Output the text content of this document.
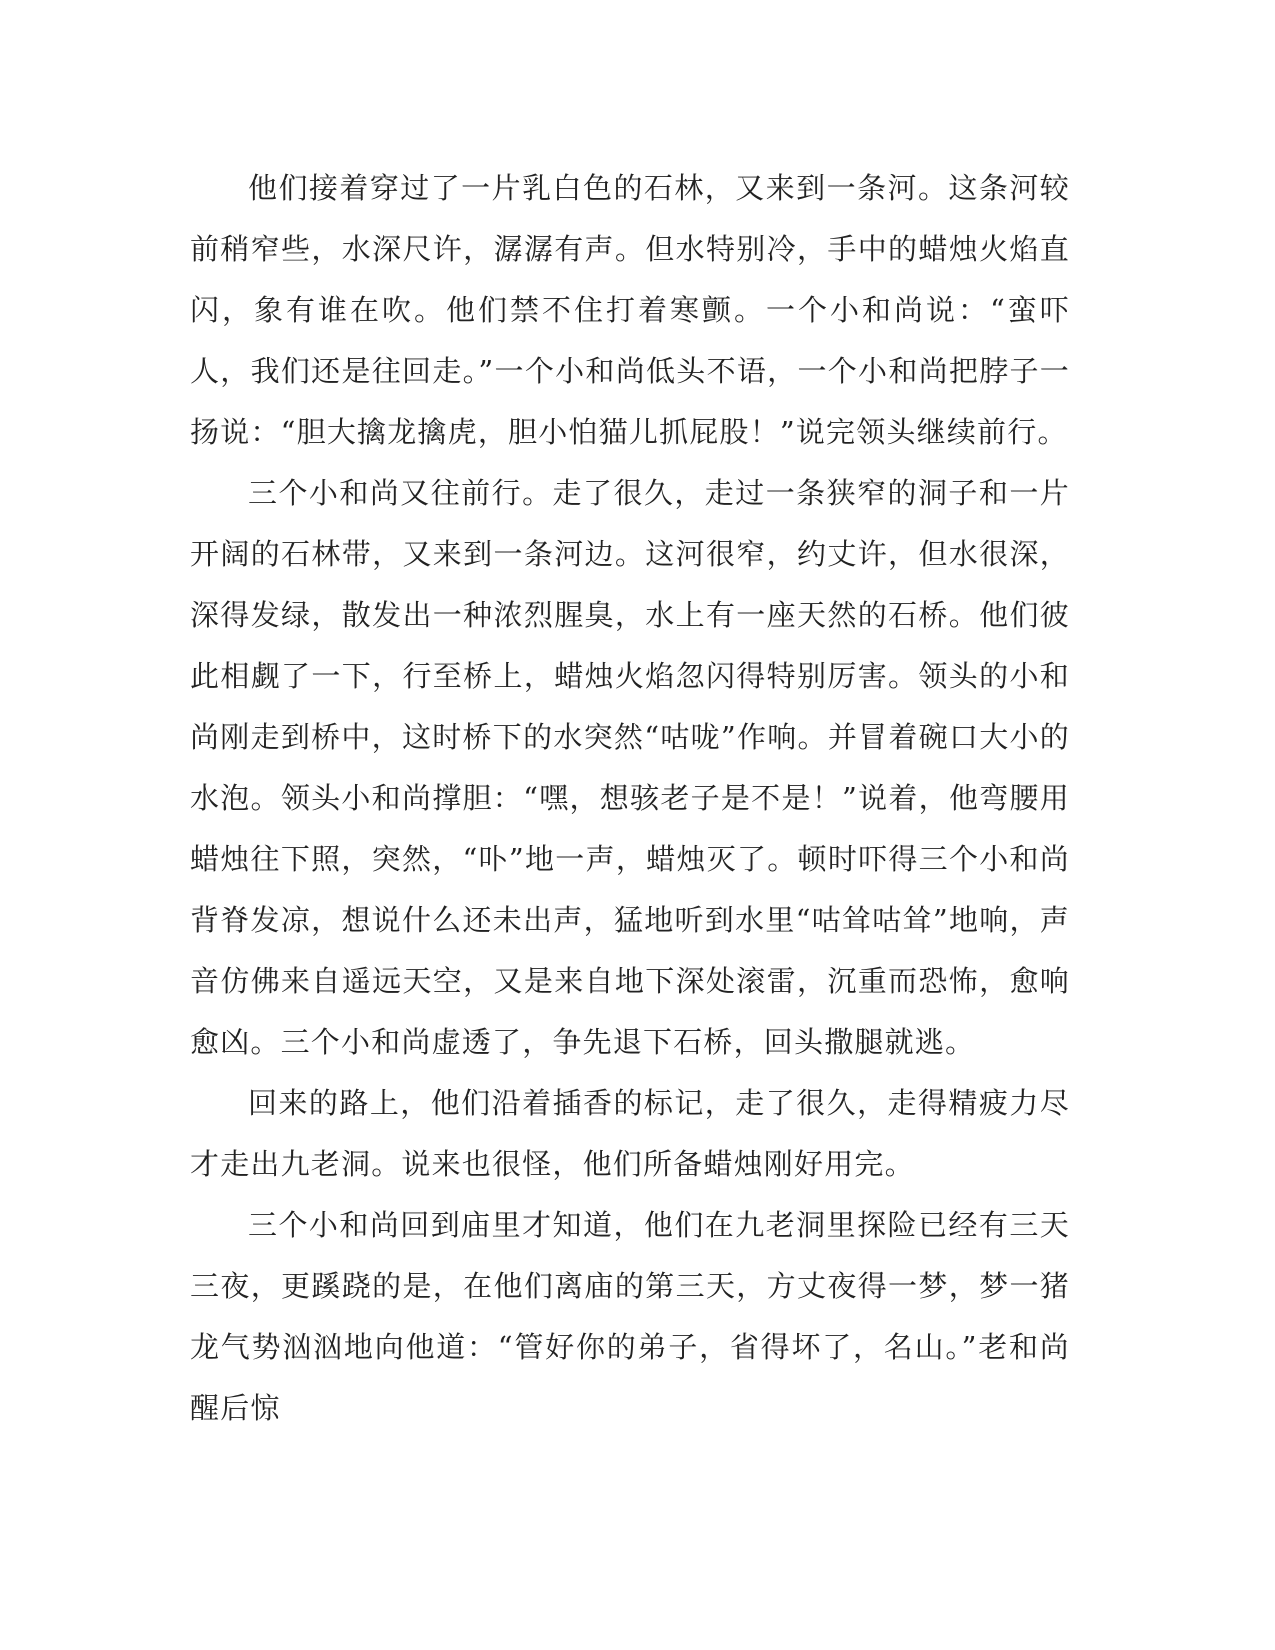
他们接着穿过了一片乳白色的石林，又来到一条河。这条河较前稍窄些，水深尺许，潺潺有声。但水特别冷，手中的蜡烛火焰直闪，象有谁在吹。他们禁不住打着寒颤。一个小和尚说：“蛮吓人，我们还是往回走。”一个小和尚低头不语，一个小和尚把脖子一扬说：“胆大擒龙擒虎，胆小怕猫儿抓屁股！”说完领头继续前行。

三个小和尚又往前行。走了很久，走过一条狭窄的洞子和一片开阔的石林带，又来到一条河边。这河很窄，约丈许，但水很深，深得发绿，散发出一种浓烈腥臭，水上有一座天然的石桥。他们彼此相觑了一下，行至桥上，蜡烛火焰忽闪得特别厉害。领头的小和尚刚走到桥中，这时桥下的水突然“咕咙”作响。并冒着碗口大小的水泡。领头小和尚撑胆：“嘿，想骇老子是不是！”说着，他弯腰用蜡烛往下照，突然，“卟”地一声，蜡烛灭了。顿时吓得三个小和尚背脊发凉，想说什么还未出声，猛地听到水里“咕耸咕耸”地响，声音仿佛来自遥远天空，又是来自地下深处滚雷，沉重而恐怖，愈响愈凶。三个小和尚虚透了，争先退下石桥，回头撒腿就逃。

回来的路上，他们沿着插香的标记，走了很久，走得精疲力尽才走出九老洞。说来也很怪，他们所备蜡烛刚好用完。

三个小和尚回到庙里才知道，他们在九老洞里探险已经有三天三夜，更蹊跷的是，在他们离庙的第三天，方丈夜得一梦，梦一猪龙气势汹汹地向他道：“管好你的弟子，省得坏了，名山。”老和尚醒后惊
